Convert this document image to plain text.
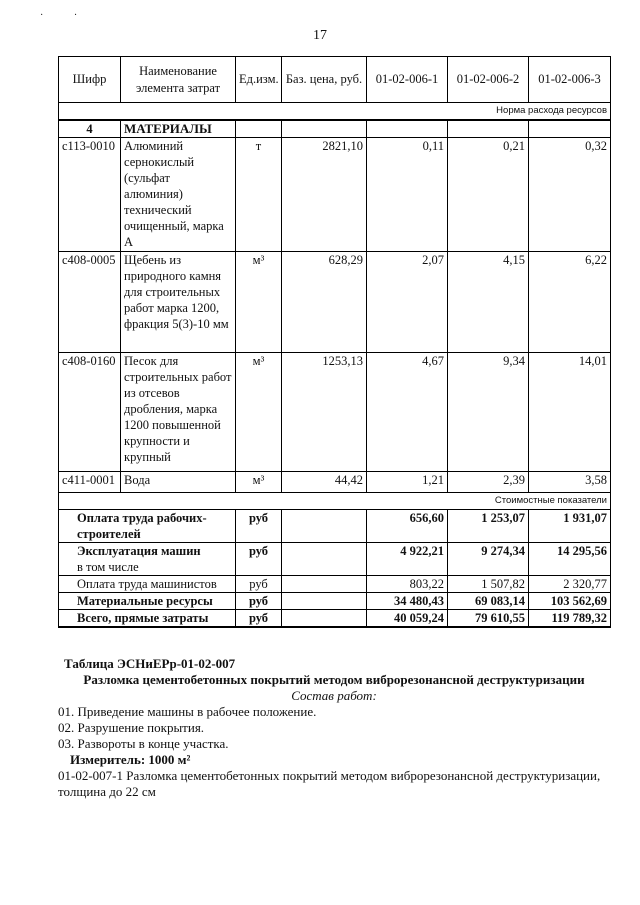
· ·
17
Шифр	Наименование элемента затрат	Ед.изм.	Баз. цена, руб.	01-02-006-1	01-02-006-2	01-02-006-3
Норма расхода ресурсов						
4	МАТЕРИАЛЫ					
с113-0010	Алюминий сернокислый (сульфат алюминия) технический очищенный, марка А	т	2821,10	0,11	0,21	0,32
с408-0005	Щебень из природного камня для строительных работ марка 1200, фракция 5(3)-10 мм	м³	628,29	2,07	4,15	6,22
с408-0160	Песок для строительных работ из отсевов дробления, марка 1200 повышенной крупности и крупный	м³	1253,13	4,67	9,34	14,01
с411-0001	Вода	м³	44,42	1,21	2,39	3,58
Стоимостные показатели						
Оплата труда рабочих-строителей		руб		656,60	1 253,07	1 931,07

Эксплуатация машин
в том числе		руб		4 922,21	9 274,34	14 295,56
Оплата труда машинистов		руб		803,22	1 507,82	2 320,77
Материальные ресурсы		руб		34 480,43	69 083,14	103 562,69
Всего, прямые затраты		руб		40 059,24	79 610,55	119 789,32
Таблица ЭСНиЕРр-01-02-007
Разломка цементобетонных покрытий методом виброрезонансной деструктуризации
Состав работ:
01. Приведение машины в рабочее положение.
02. Разрушение покрытия.
03. Развороты в конце участка.
Измеритель: 1000 м²
01-02-007-1 Разломка цементобетонных покрытий методом виброрезонансной деструктуризации, толщина до 22 см
